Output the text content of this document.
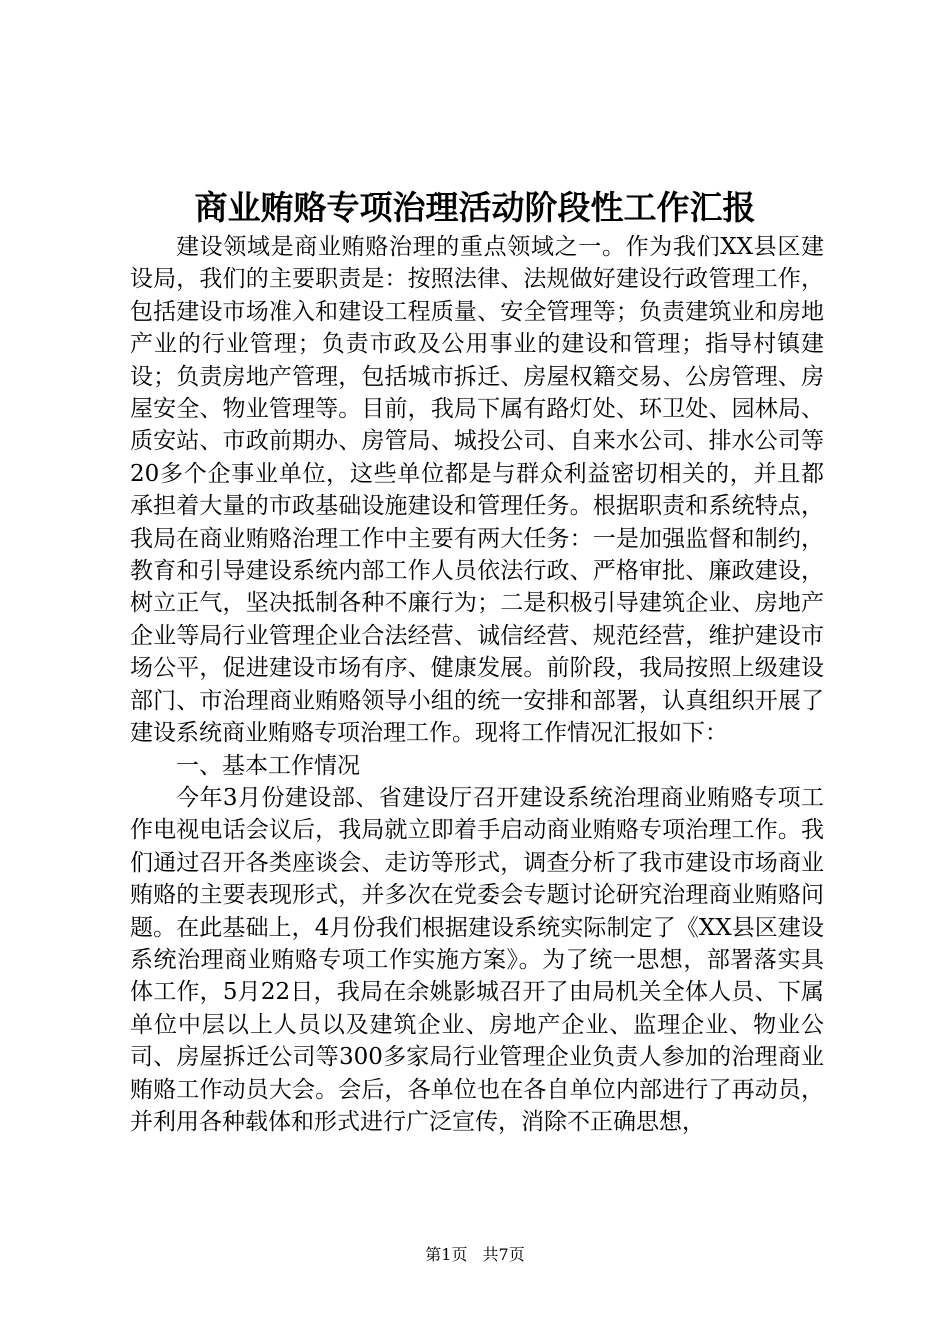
商业贿赂专项治理活动阶段性工作汇报

建设领域是商业贿赂治理的重点领域之一。作为我们XX县区建设局，我们的主要职责是：按照法律、法规做好建设行政管理工作，包括建设市场准入和建设工程质量、安全管理等；负责建筑业和房地产业的行业管理；负责市政及公用事业的建设和管理；指导村镇建设；负责房地产管理，包括城市拆迁、房屋权籍交易、公房管理、房屋安全、物业管理等。目前，我局下属有路灯处、环卫处、园林局、质安站、市政前期办、房管局、城投公司、自来水公司、排水公司等20多个企事业单位，这些单位都是与群众利益密切相关的，并且都承担着大量的市政基础设施建设和管理任务。根据职责和系统特点，我局在商业贿赂治理工作中主要有两大任务：一是加强监督和制约，教育和引导建设系统内部工作人员依法行政、严格审批、廉政建设，树立正气，坚决抵制各种不廉行为；二是积极引导建筑企业、房地产企业等局行业管理企业合法经营、诚信经营、规范经营，维护建设市场公平，促进建设市场有序、健康发展。前阶段，我局按照上级建设部门、市治理商业贿赂领导小组的统一安排和部署，认真组织开展了建设系统商业贿赂专项治理工作。现将工作情况汇报如下：

一、基本工作情况

今年3月份建设部、省建设厅召开建设系统治理商业贿赂专项工作电视电话会议后，我局就立即着手启动商业贿赂专项治理工作。我们通过召开各类座谈会、走访等形式，调查分析了我市建设市场商业贿赂的主要表现形式，并多次在党委会专题讨论研究治理商业贿赂问题。在此基础上，4月份我们根据建设系统实际制定了《XX县区建设系统治理商业贿赂专项工作实施方案》。为了统一思想，部署落实具体工作，5月22日，我局在余姚影城召开了由局机关全体人员、下属单位中层以上人员以及建筑企业、房地产企业、监理企业、物业公司、房屋拆迁公司等300多家局行业管理企业负责人参加的治理商业贿赂工作动员大会。会后，各单位也在各自单位内部进行了再动员，并利用各种载体和形式进行广泛宣传，消除不正确思想，

第1页 共7页
